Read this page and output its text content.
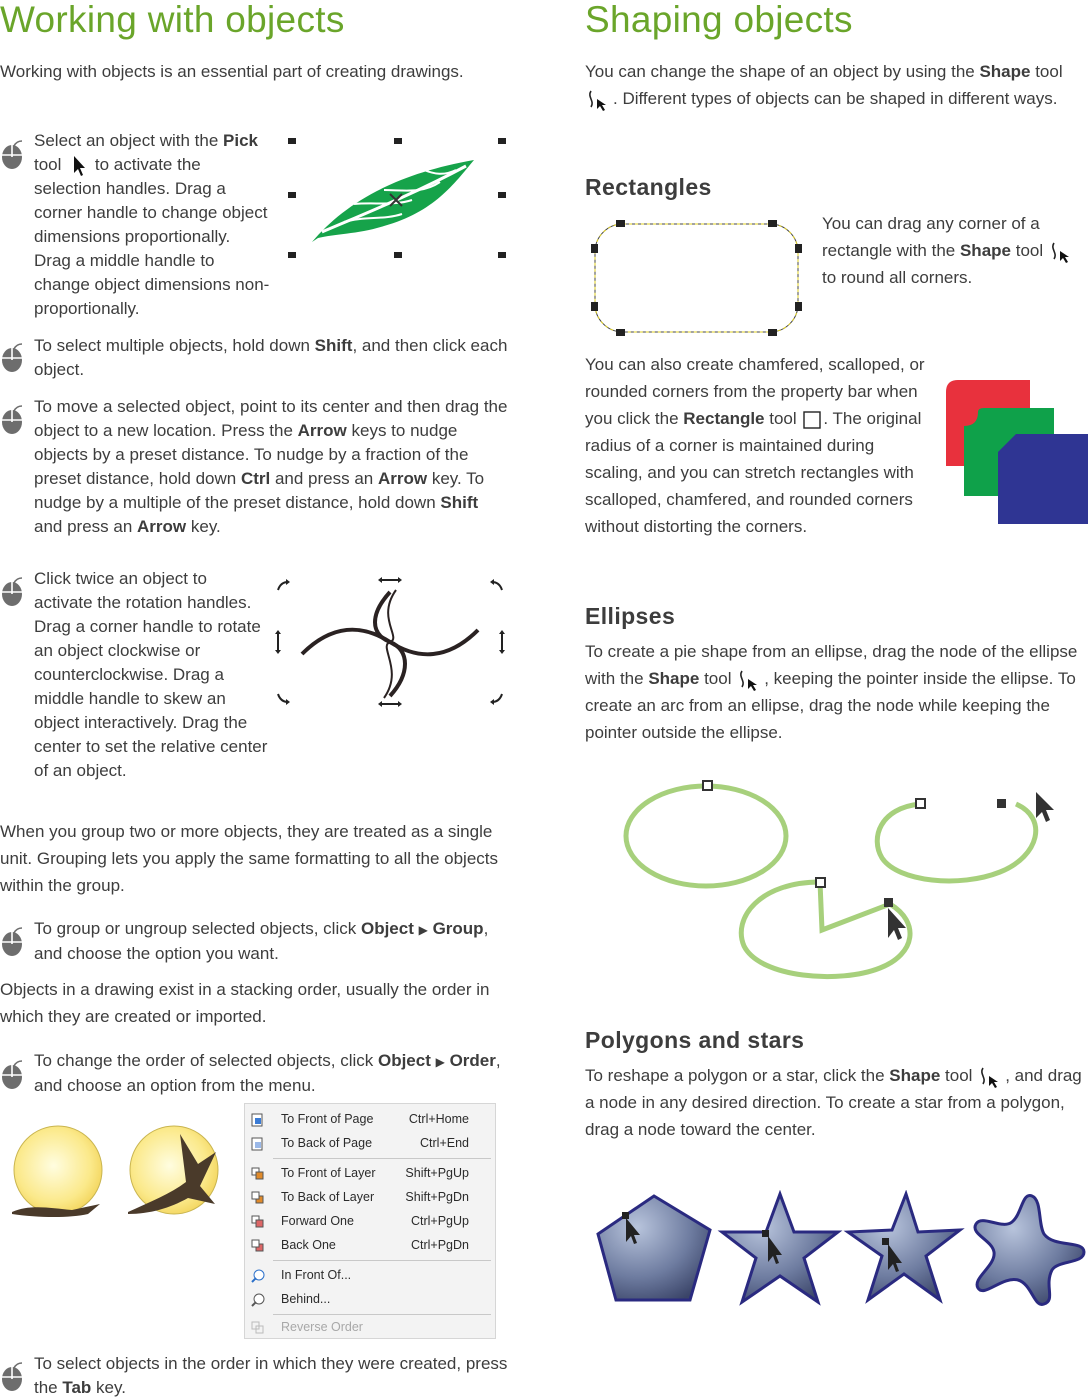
Working with objects

Working with objects is an essential part of creating drawings.

Select an object with the Pick tool  to activate the selection handles. Drag a corner handle to change object dimensions proportionally. Drag a middle handle to change object dimensions non-proportionally.

To select multiple objects, hold down Shift, and then click each object.

To move a selected object, point to its center and then drag the object to a new location. Press the Arrow keys to nudge objects by a preset distance. To nudge by a fraction of the preset distance, hold down Ctrl and press an Arrow key. To nudge by a multiple of the preset distance, hold down Shift and press an Arrow key.

Click twice an object to activate the rotation handles. Drag a corner handle to rotate an object clockwise or counterclockwise. Drag a middle handle to skew an object interactively. Drag the center to set the relative center of an object.

When you group two or more objects, they are treated as a single unit. Grouping lets you apply the same formatting to all the objects within the group.

To group or ungroup selected objects, click Object ▶ Group, and choose the option you want.

Objects in a drawing exist in a stacking order, usually the order in which they are created or imported.

To change the order of selected objects, click Object ▶ Order, and choose an option from the menu.

To Front of Page	Ctrl+Home
To Back of Page	Ctrl+End
To Front of Layer Shift+PgUp
To Back of Layer	Shift+PgDn
Forward One	Ctrl+PgUp
Back One	Ctrl+PgDn
In Front Of...
Behind...
Reverse Order

To select objects in the order in which they were created, press the Tab key.

Shaping objects

You can change the shape of an object by using the Shape tool . Different types of objects can be shaped in different ways.

Rectangles

You can drag any corner of a rectangle with the Shape tool  to round all corners.

You can also create chamfered, scalloped, or rounded corners from the property bar when you click the Rectangle tool . The original radius of a corner is maintained during scaling, and you can stretch rectangles with scalloped, chamfered, and rounded corners without distorting the corners.

Ellipses

To create a pie shape from an ellipse, drag the node of the ellipse with the Shape tool , keeping the pointer inside the ellipse. To create an arc from an ellipse, drag the node while keeping the pointer outside the ellipse.

Polygons and stars

To reshape a polygon or a star, click the Shape tool , and drag a node in any desired direction. To create a star from a polygon, drag a node toward the center.
